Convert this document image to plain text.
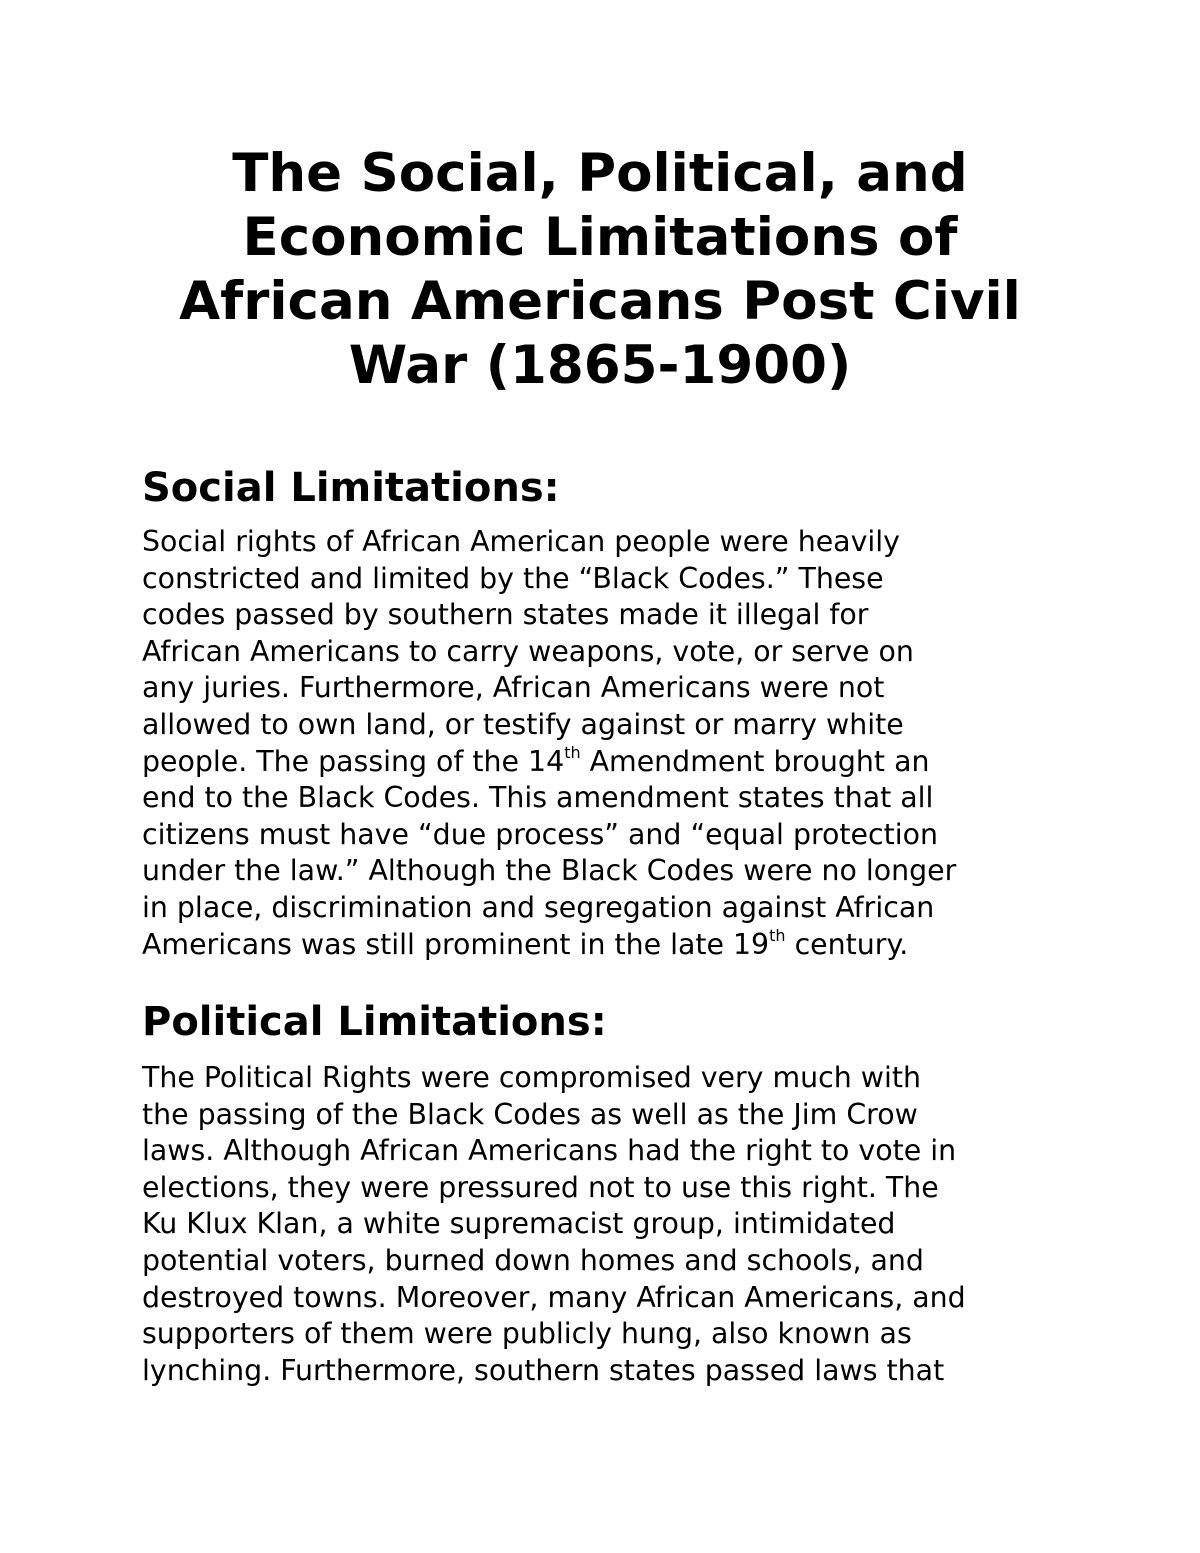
The Social, Political, and
Economic Limitations of
African Americans Post Civil
War (1865-1900)
Social Limitations:

Social rights of African American people were heavily
constricted and limited by the “Black Codes.” These
codes passed by southern states made it illegal for
African Americans to carry weapons, vote, or serve on
any juries. Furthermore, African Americans were not
allowed to own land, or testify against or marry white
people. The passing of the 14th Amendment brought an
end to the Black Codes. This amendment states that all
citizens must have “due process” and “equal protection
under the law.” Although the Black Codes were no longer
in place, discrimination and segregation against African
Americans was still prominent in the late 19th century.

Political Limitations:

The Political Rights were compromised very much with
the passing of the Black Codes as well as the Jim Crow
laws. Although African Americans had the right to vote in
elections, they were pressured not to use this right. The
Ku Klux Klan, a white supremacist group, intimidated
potential voters, burned down homes and schools, and
destroyed towns. Moreover, many African Americans, and
supporters of them were publicly hung, also known as
lynching. Furthermore, southern states passed laws that
